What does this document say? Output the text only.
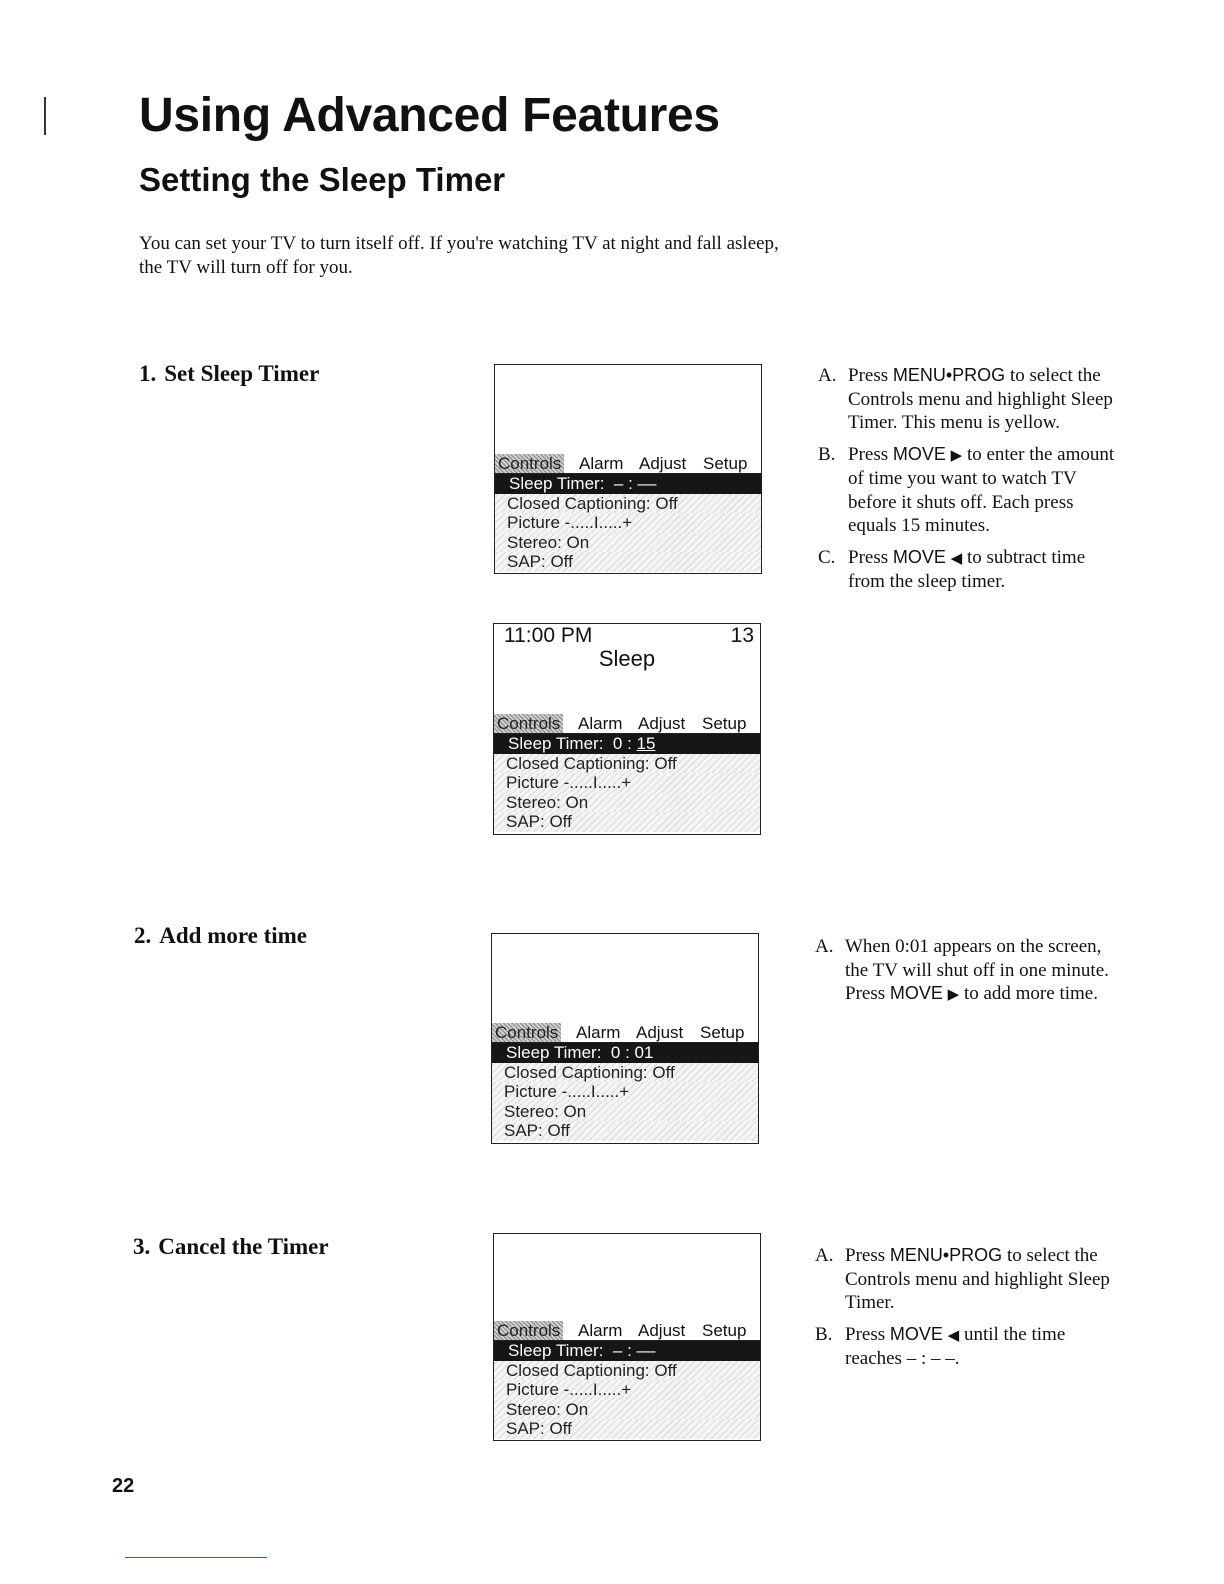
Using Advanced Features
Setting the Sleep Timer

You can set your TV to turn itself off. If you're watching TV at night and fall asleep, the TV will turn off for you.

1. Set Sleep Timer
Controls Alarm Adjust Setup
Sleep Timer: – : ––
Closed Captioning: Off
Picture -.....I.....+
Stereo: On
SAP: Off
11:00 PM	13
Sleep
Controls Alarm Adjust Setup
Sleep Timer: 0 : 15
Closed Captioning: Off
Picture -.....I.....+
Stereo: On
SAP: Off
A. Press MENU•PROG to select the Controls menu and highlight Sleep Timer. This menu is yellow.
B. Press MOVE ▶ to enter the amount of time you want to watch TV before it shuts off. Each press equals 15 minutes.
C. Press MOVE ◀ to subtract time from the sleep timer.
2. Add more time
Controls Alarm Adjust Setup
Sleep Timer: 0 : 01
Closed Captioning: Off
Picture -.....I.....+
Stereo: On
SAP: Off
A. When 0:01 appears on the screen, the TV will shut off in one minute. Press MOVE ▶ to add more time.
3. Cancel the Timer
Controls Alarm Adjust Setup
Sleep Timer: – : ––
Closed Captioning: Off
Picture -.....I.....+
Stereo: On
SAP: Off
A. Press MENU•PROG to select the Controls menu and highlight Sleep Timer.
B. Press MOVE ◀ until the time reaches – : – –.

22
